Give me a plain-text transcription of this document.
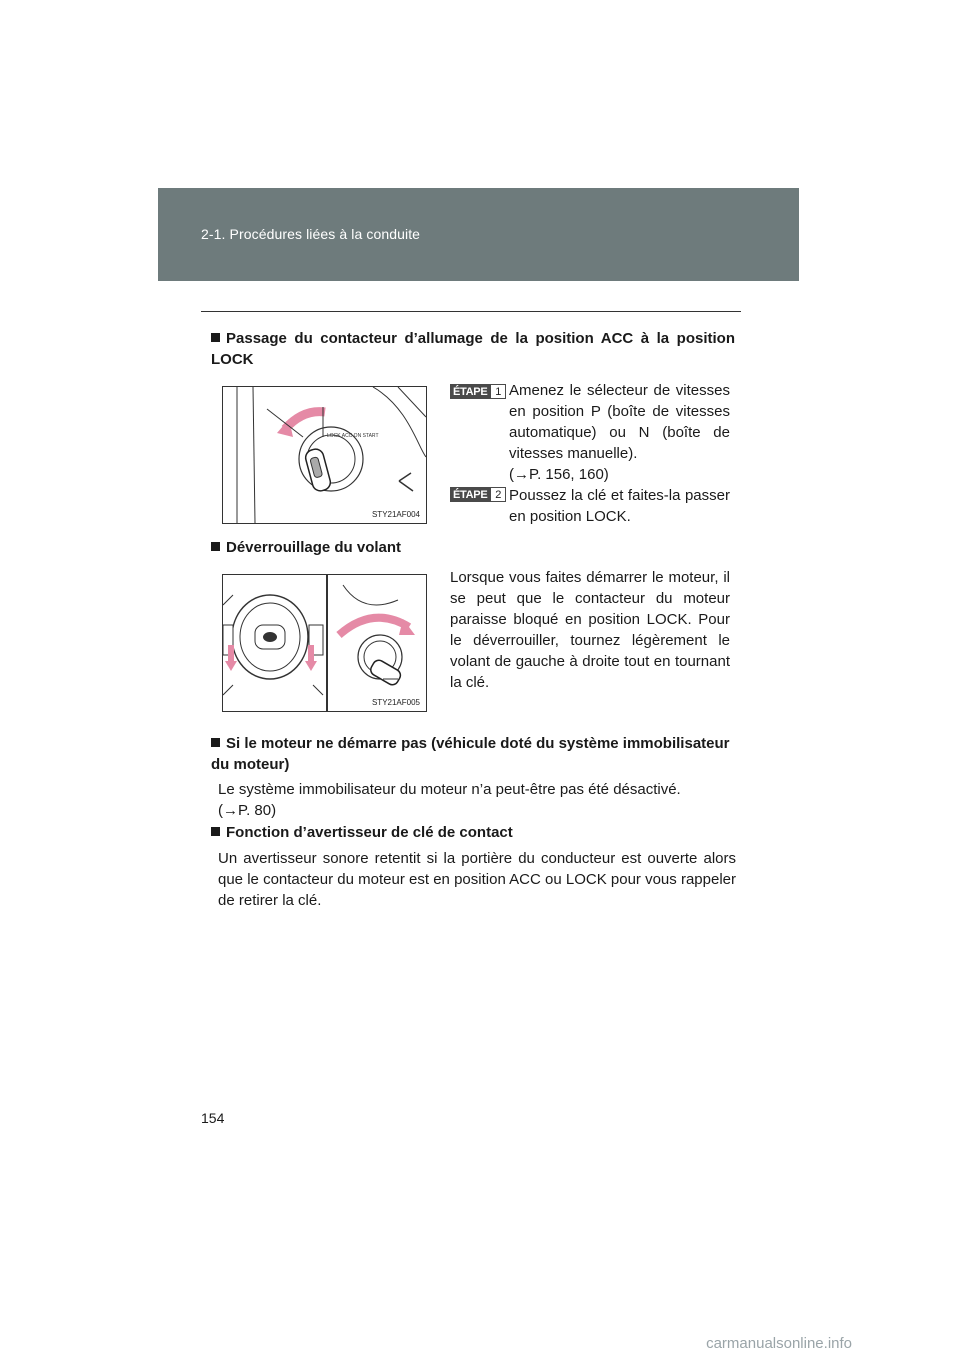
2-1. Procédures liées à la conduite
Passage du contacteur d’allumage de la position ACC à la position LOCK
LOCK ACC ON START
STY21AF004
ÉTAPE 1 Amenez le sélecteur de vitesses en position P (boîte de vitesses automatique) ou N (boîte de vitesses manuelle).
(→P. 156, 160)
ÉTAPE 2 Poussez la clé et faites-la passer en position LOCK.
Déverrouillage du volant
STY21AF005
Lorsque vous faites démarrer le moteur, il se peut que le contacteur du moteur paraisse bloqué en position LOCK. Pour le déverrouiller, tournez légèrement le volant de gauche à droite tout en tournant la clé.
Si le moteur ne démarre pas (véhicule doté du système immobilisateur du moteur)
Le système immobilisateur du moteur n’a peut-être pas été désactivé.
(→P. 80)
Fonction d’avertisseur de clé de contact
Un avertisseur sonore retentit si la portière du conducteur est ouverte alors que le contacteur du moteur est en position ACC ou LOCK pour vous rappeler de retirer la clé.
154
carmanualsonline.info
